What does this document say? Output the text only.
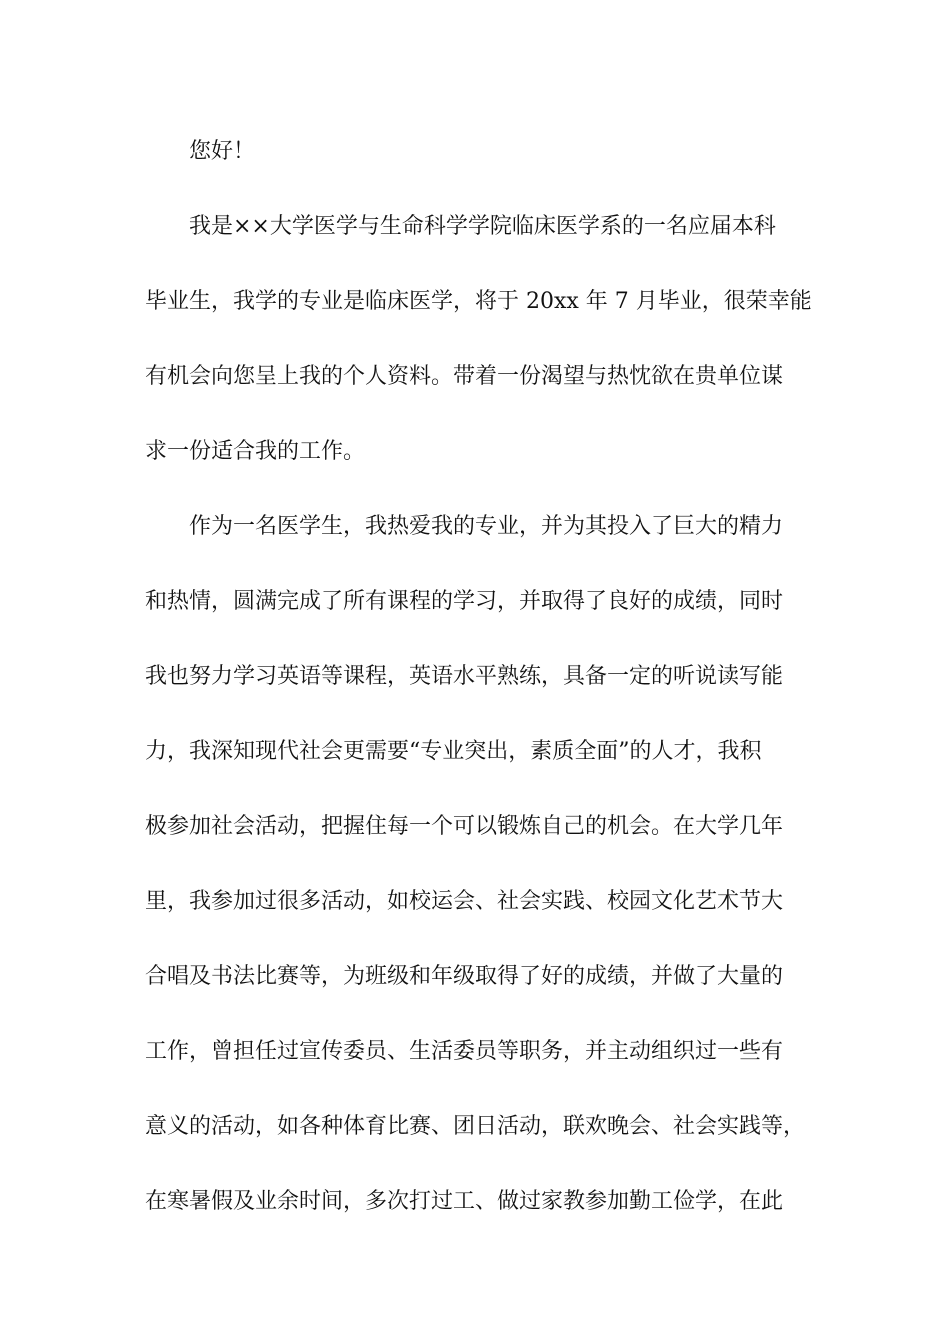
您好！
我是××大学医学与生命科学学院临床医学系的一名应届本科
毕业生，我学的专业是临床医学，将于 20xx 年 7 月毕业，很荣幸能
有机会向您呈上我的个人资料。带着一份渴望与热忱欲在贵单位谋
求一份适合我的工作。
作为一名医学生，我热爱我的专业，并为其投入了巨大的精力
和热情，圆满完成了所有课程的学习，并取得了良好的成绩，同时
我也努力学习英语等课程，英语水平熟练，具备一定的听说读写能
力，我深知现代社会更需要“专业突出，素质全面”的人才，我积
极参加社会活动，把握住每一个可以锻炼自己的机会。在大学几年
里，我参加过很多活动，如校运会、社会实践、校园文化艺术节大
合唱及书法比赛等，为班级和年级取得了好的成绩，并做了大量的
工作，曾担任过宣传委员、生活委员等职务，并主动组织过一些有
意义的活动，如各种体育比赛、团日活动，联欢晚会、社会实践等，
在寒暑假及业余时间，多次打过工、做过家教参加勤工俭学，在此
